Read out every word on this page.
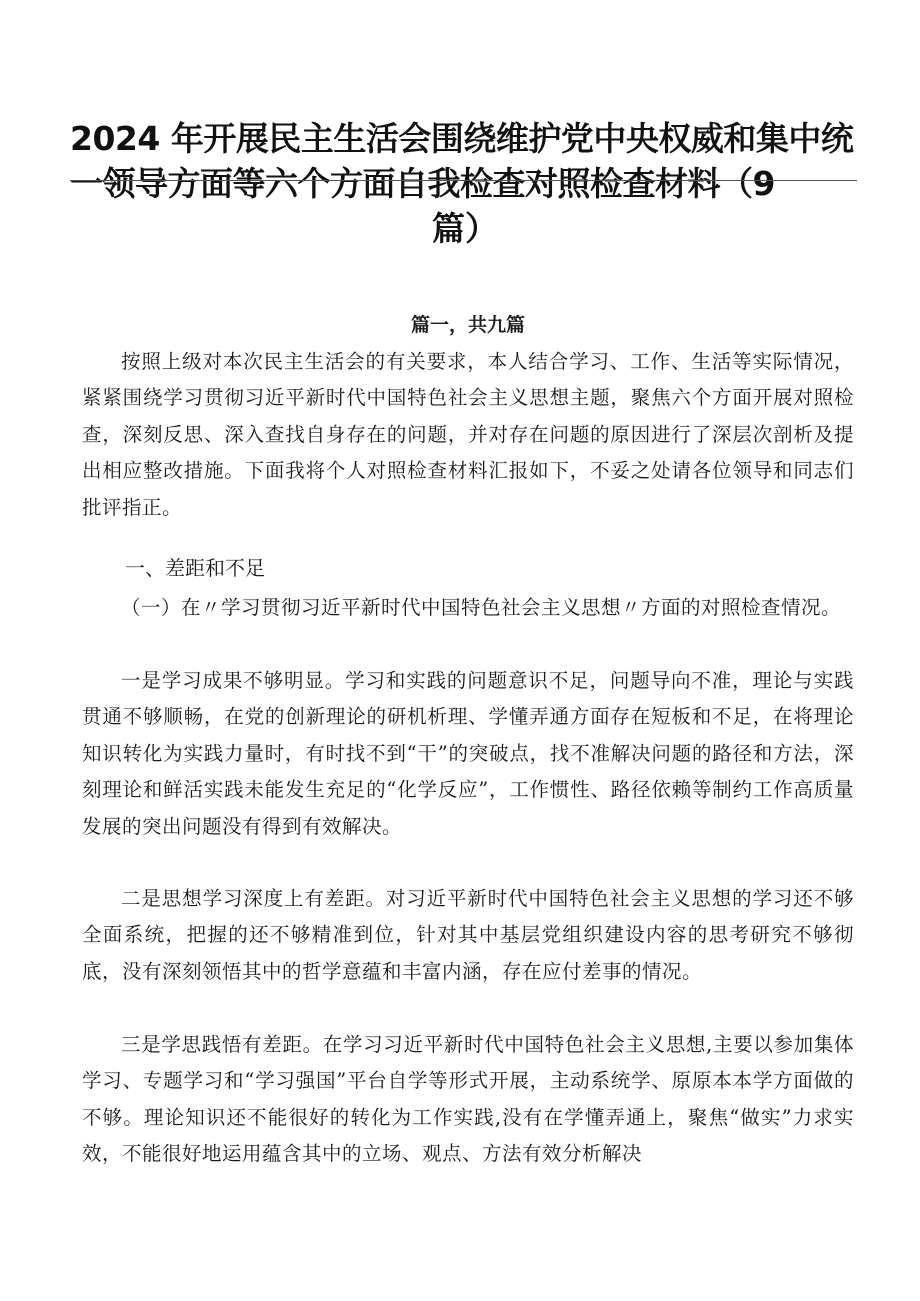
2024 年开展民主生活会围绕维护党中央权威和集中统
一领导方面等六个方面自我检查对照检查材料（9
篇）
篇一，共九篇
按照上级对本次民主生活会的有关要求，本人结合学习、工作、生活等实际情况，紧紧围绕学习贯彻习近平新时代中国特色社会主义思想主题，聚焦六个方面开展对照检查，深刻反思、深入查找自身存在的问题，并对存在问题的原因进行了深层次剖析及提出相应整改措施。下面我将个人对照检查材料汇报如下，不妥之处请各位领导和同志们批评指正。
一、差距和不足
（一）在〃学习贯彻习近平新时代中国特色社会主义思想〃方面的对照检查情况。
一是学习成果不够明显。学习和实践的问题意识不足，问题导向不准，理论与实践贯通不够顺畅，在党的创新理论的研机析理、学懂弄通方面存在短板和不足，在将理论知识转化为实践力量时，有时找不到“干”的突破点，找不准解决问题的路径和方法，深刻理论和鲜活实践未能发生充足的“化学反应”，工作惯性、路径依赖等制约工作高质量发展的突出问题没有得到有效解决。
二是思想学习深度上有差距。对习近平新时代中国特色社会主义思想的学习还不够全面系统，把握的还不够精准到位，针对其中基层党组织建设内容的思考研究不够彻底，没有深刻领悟其中的哲学意蕴和丰富内涵，存在应付差事的情况。
三是学思践悟有差距。在学习习近平新时代中国特色社会主义思想,主要以参加集体学习、专题学习和“学习强国”平台自学等形式开展，主动系统学、原原本本学方面做的不够。理论知识还不能很好的转化为工作实践,没有在学懂弄通上，聚焦“做实”力求实效，不能很好地运用蕴含其中的立场、观点、方法有效分析解决
